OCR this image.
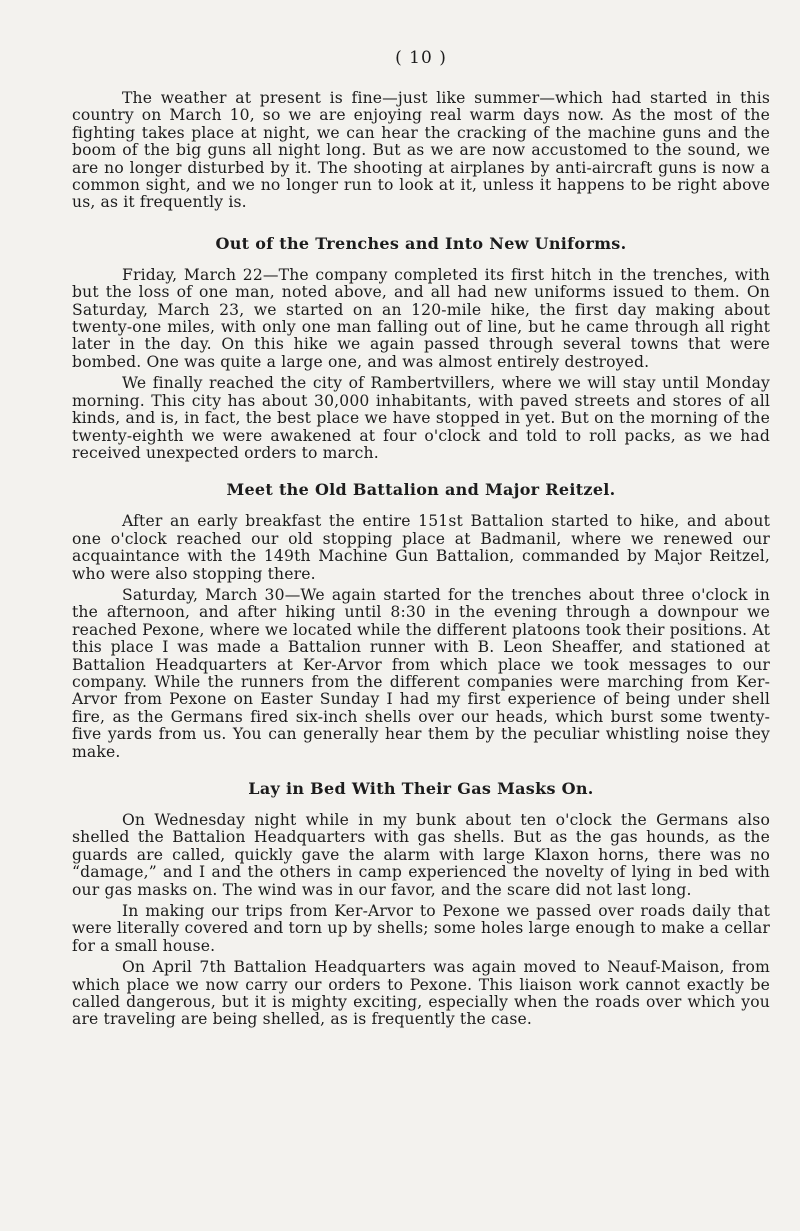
( 10 )

The weather at present is fine—just like summer—which had started in this country on March 10, so we are enjoying real warm days now. As the most of the fighting takes place at night, we can hear the cracking of the machine guns and the boom of the big guns all night long. But as we are now accustomed to the sound, we are no longer disturbed by it. The shooting at airplanes by anti-aircraft guns is now a common sight, and we no longer run to look at it, unless it happens to be right above us, as it frequently is.

Out of the Trenches and Into New Uniforms.

Friday, March 22—The company completed its first hitch in the trenches, with but the loss of one man, noted above, and all had new uniforms issued to them. On Saturday, March 23, we started on an 120-mile hike, the first day making about twenty-one miles, with only one man falling out of line, but he came through all right later in the day. On this hike we again passed through several towns that were bombed. One was quite a large one, and was almost entirely destroyed.

We finally reached the city of Rambertvillers, where we will stay until Monday morning. This city has about 30,000 inhabitants, with paved streets and stores of all kinds, and is, in fact, the best place we have stopped in yet. But on the morning of the twenty-eighth we were awakened at four o'clock and told to roll packs, as we had received unexpected orders to march.

Meet the Old Battalion and Major Reitzel.

After an early breakfast the entire 151st Battalion started to hike, and about one o'clock reached our old stopping place at Badmanil, where we renewed our acquaintance with the 149th Machine Gun Battalion, commanded by Major Reitzel, who were also stopping there.

Saturday, March 30—We again started for the trenches about three o'clock in the afternoon, and after hiking until 8:30 in the evening through a downpour we reached Pexone, where we located while the different platoons took their positions. At this place I was made a Battalion runner with B. Leon Sheaffer, and stationed at Battalion Headquarters at Ker-Arvor from which place we took messages to our company. While the runners from the different companies were marching from Ker-Arvor from Pexone on Easter Sunday I had my first experience of being under shell fire, as the Germans fired six-inch shells over our heads, which burst some twenty-five yards from us. You can generally hear them by the peculiar whistling noise they make.

Lay in Bed With Their Gas Masks On.

On Wednesday night while in my bunk about ten o'clock the Germans also shelled the Battalion Headquarters with gas shells. But as the gas hounds, as the guards are called, quickly gave the alarm with large Klaxon horns, there was no “damage,” and I and the others in camp experienced the novelty of lying in bed with our gas masks on. The wind was in our favor, and the scare did not last long.

In making our trips from Ker-Arvor to Pexone we passed over roads daily that were literally covered and torn up by shells; some holes large enough to make a cellar for a small house.

On April 7th Battalion Headquarters was again moved to Neauf-Maison, from which place we now carry our orders to Pexone. This liaison work cannot exactly be called dangerous, but it is mighty exciting, especially when the roads over which you are traveling are being shelled, as is frequently the case.
